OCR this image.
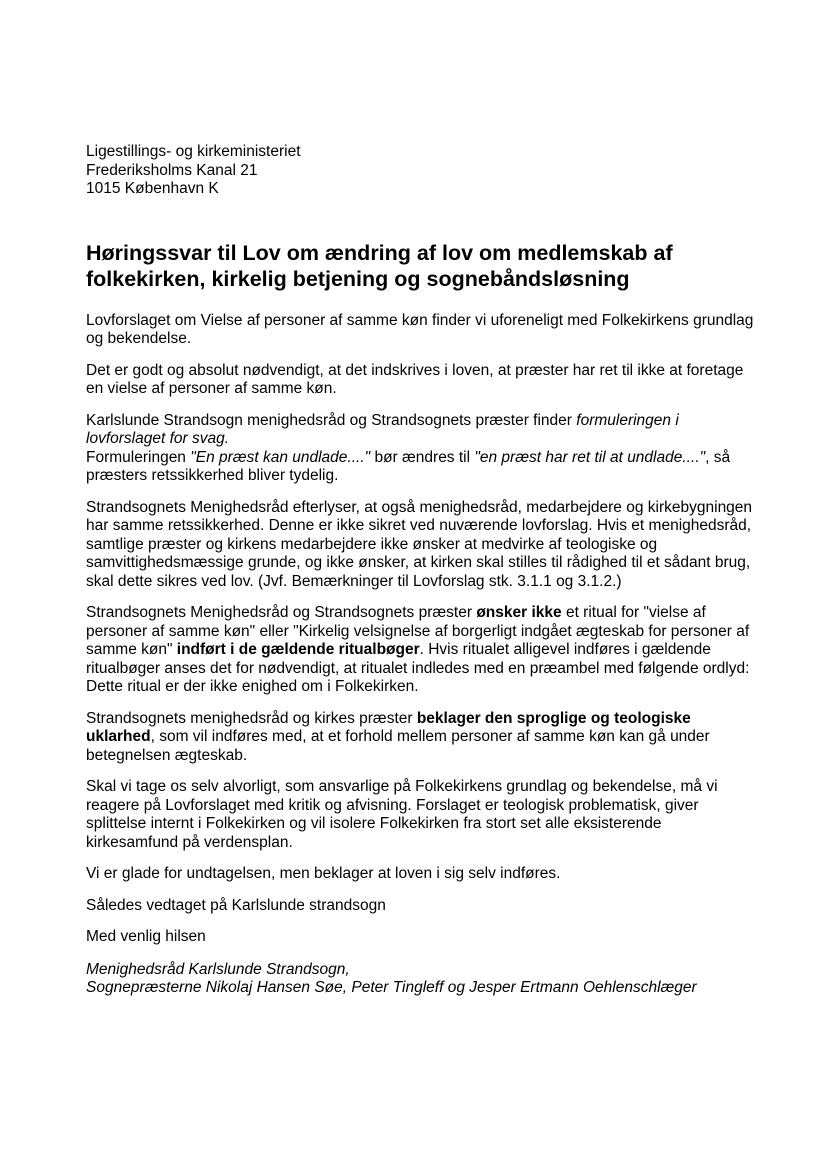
Ligestillings- og kirkeministeriet

Frederiksholms Kanal 21

1015 København K

Høringssvar til Lov om ændring af lov om medlemskab af
folkekirken, kirkelig betjening og sognebåndsløsning

Lovforslaget om Vielse af personer af samme køn finder vi uforeneligt med Folkekirkens grundlag og bekendelse.

Det er godt og absolut nødvendigt, at det indskrives i loven, at præster har ret til ikke at foretage en vielse af personer af samme køn.

Karlslunde Strandsogn menighedsråd og Strandsognets præster finder formuleringen i lovforslaget for svag.
Formuleringen "En præst kan undlade...." bør ændres til "en præst har ret til at undlade....", så præsters retssikkerhed bliver tydelig.

Strandsognets Menighedsråd efterlyser, at også menighedsråd, medarbejdere og kirkebygningen har samme retssikkerhed. Denne er ikke sikret ved nuværende lovforslag. Hvis et menighedsråd, samtlige præster og kirkens medarbejdere ikke ønsker at medvirke af teologiske og samvittighedsmæssige grunde, og ikke ønsker, at kirken skal stilles til rådighed til et sådant brug, skal dette sikres ved lov. (Jvf. Bemærkninger til Lovforslag stk. 3.1.1 og 3.1.2.)

Strandsognets Menighedsråd og Strandsognets præster ønsker ikke et ritual for "vielse af personer af samme køn" eller "Kirkelig velsignelse af borgerligt indgået ægteskab for personer af samme køn" indført i de gældende ritualbøger. Hvis ritualet alligevel indføres i gældende ritualbøger anses det for nødvendigt, at ritualet indledes med en præambel med følgende ordlyd: Dette ritual er der ikke enighed om i Folkekirken.

Strandsognets menighedsråd og kirkes præster beklager den sproglige og teologiske uklarhed, som vil indføres med, at et forhold mellem personer af samme køn kan gå under betegnelsen ægteskab.

Skal vi tage os selv alvorligt, som ansvarlige på Folkekirkens grundlag og bekendelse, må vi reagere på Lovforslaget med kritik og afvisning. Forslaget er teologisk problematisk, giver splittelse internt i Folkekirken og vil isolere Folkekirken fra stort set alle eksisterende kirkesamfund på verdensplan.

Vi er glade for undtagelsen, men beklager at loven i sig selv indføres.

Således vedtaget på Karlslunde strandsogn

Med venlig hilsen

Menighedsråd Karlslunde Strandsogn,

Sognepræsterne Nikolaj Hansen Søe, Peter Tingleff og Jesper Ertmann Oehlenschlæger
